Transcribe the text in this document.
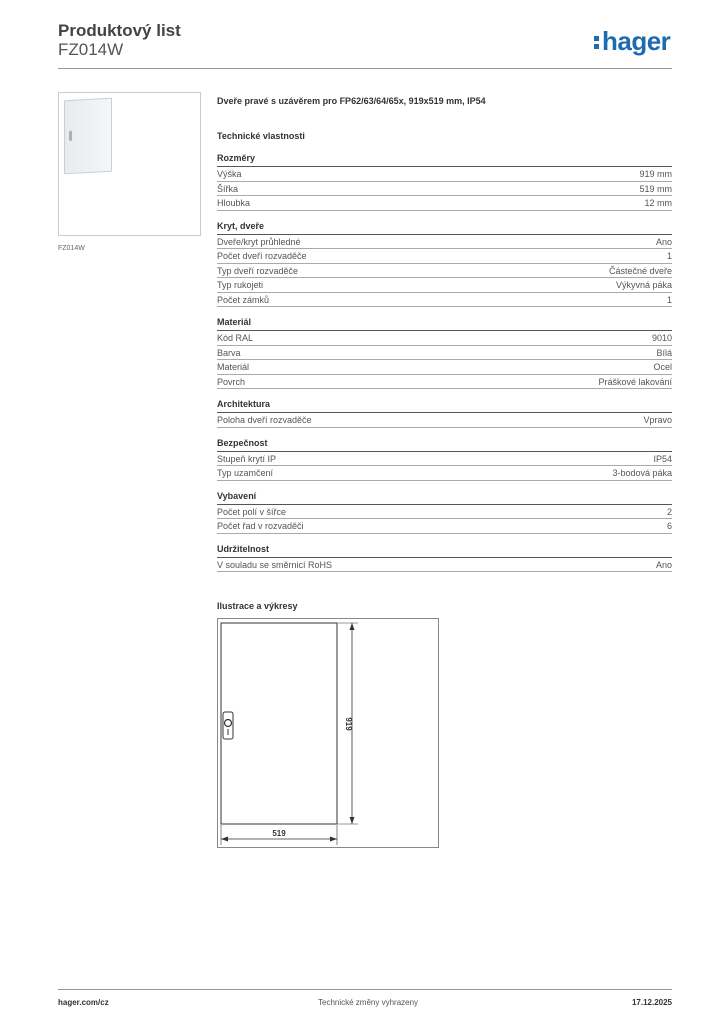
Produktový list
FZ014W	hager
FZ014W
Dveře pravé s uzávěrem pro FP62/63/64/65x, 919x519 mm, IP54
Technické vlastnosti
Rozměry
Výška	919 mm
Šířka	519 mm
Hloubka	12 mm
Kryt, dveře
Dveře/kryt průhledné	Ano
Počet dveří rozvaděče	1
Typ dveří rozvaděče	Částečné dveře
Typ rukojeti	Výkyvná páka
Počet zámků	1
Materiál
Kód RAL	9010
Barva	Bílá
Materiál	Ocel
Povrch	Práškové lakování
Architektura
Poloha dveří rozvaděče	Vpravo
Bezpečnost
Stupeň krytí IP	IP54
Typ uzamčení	3-bodová páka
Vybavení
Počet polí v šířce	2
Počet řad v rozvaděči	6
Udržitelnost
V souladu se směrnicí RoHS	Ano
Ilustrace a výkresy
919
519
hager.com/cz	Technické změny vyhrazeny	17.12.2025
